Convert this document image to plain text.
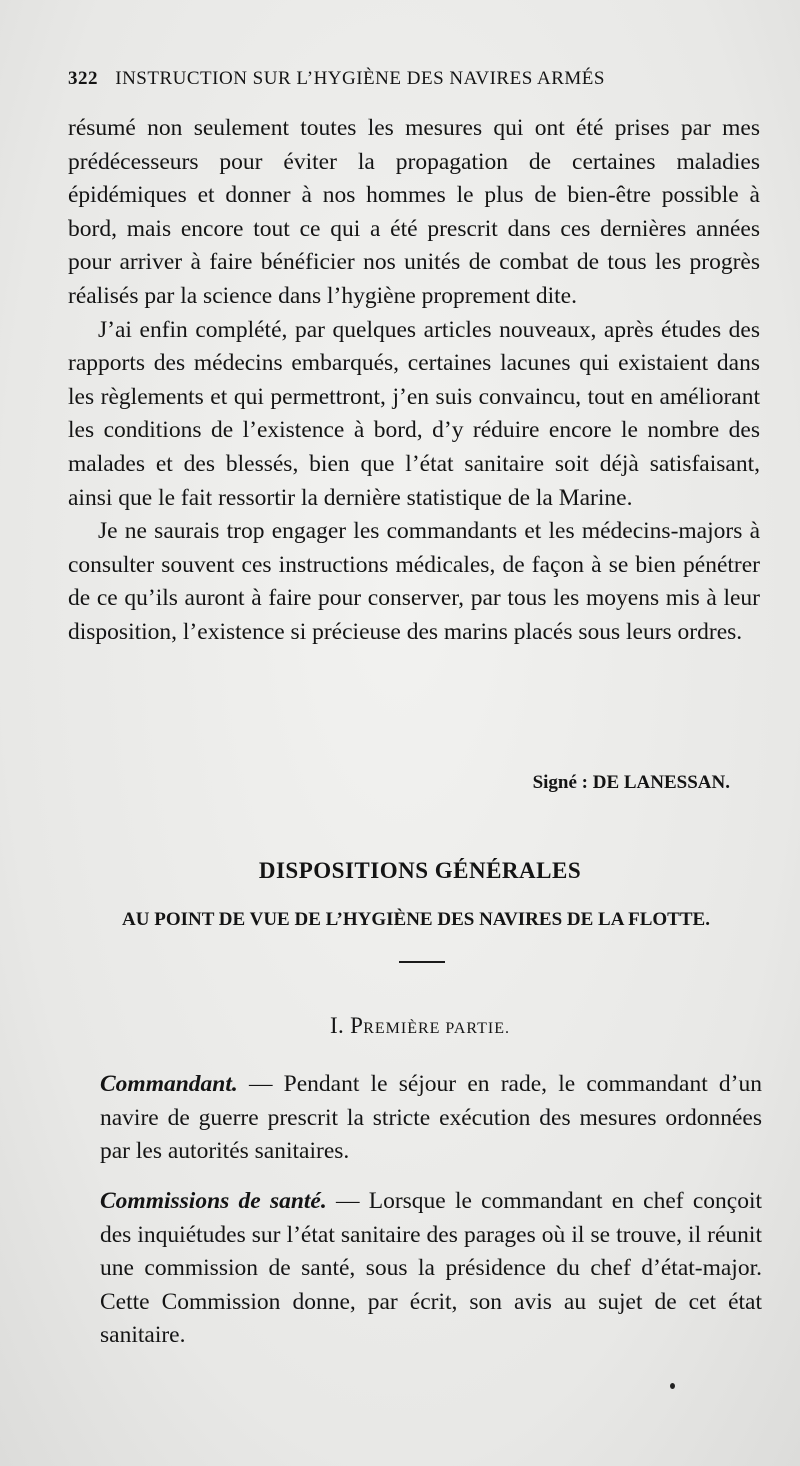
322 INSTRUCTION SUR L’HYGIÈNE DES NAVIRES ARMÉS

résumé non seulement toutes les mesures qui ont été prises par mes prédécesseurs pour éviter la propagation de certaines maladies épidémiques et donner à nos hommes le plus de bien-être possible à bord, mais encore tout ce qui a été prescrit dans ces dernières années pour arriver à faire bénéficier nos unités de combat de tous les progrès réalisés par la science dans l’hygiène proprement dite.

J’ai enfin complété, par quelques articles nouveaux, après études des rapports des médecins embarqués, certaines lacunes qui existaient dans les règlements et qui permettront, j’en suis convaincu, tout en améliorant les conditions de l’existence à bord, d’y réduire encore le nombre des malades et des blessés, bien que l’état sanitaire soit déjà satisfaisant, ainsi que le fait ressortir la dernière statistique de la Marine.

Je ne saurais trop engager les commandants et les médecins-majors à consulter souvent ces instructions médicales, de façon à se bien pénétrer de ce qu’ils auront à faire pour conserver, par tous les moyens mis à leur disposition, l’existence si précieuse des marins placés sous leurs ordres.

Signé : DE LANESSAN.
DISPOSITIONS GÉNÉRALES
AU POINT DE VUE DE L’HYGIÈNE DES NAVIRES DE LA FLOTTE.
I. PREMIÈRE PARTIE.
Commandant. — Pendant le séjour en rade, le commandant d’un navire de guerre prescrit la stricte exécution des mesures ordonnées par les autorités sanitaires.
Commissions de santé. — Lorsque le commandant en chef conçoit des inquiétudes sur l’état sanitaire des parages où il se trouve, il réunit une commission de santé, sous la présidence du chef d’état-major. Cette Commission donne, par écrit, son avis au sujet de cet état sanitaire.
